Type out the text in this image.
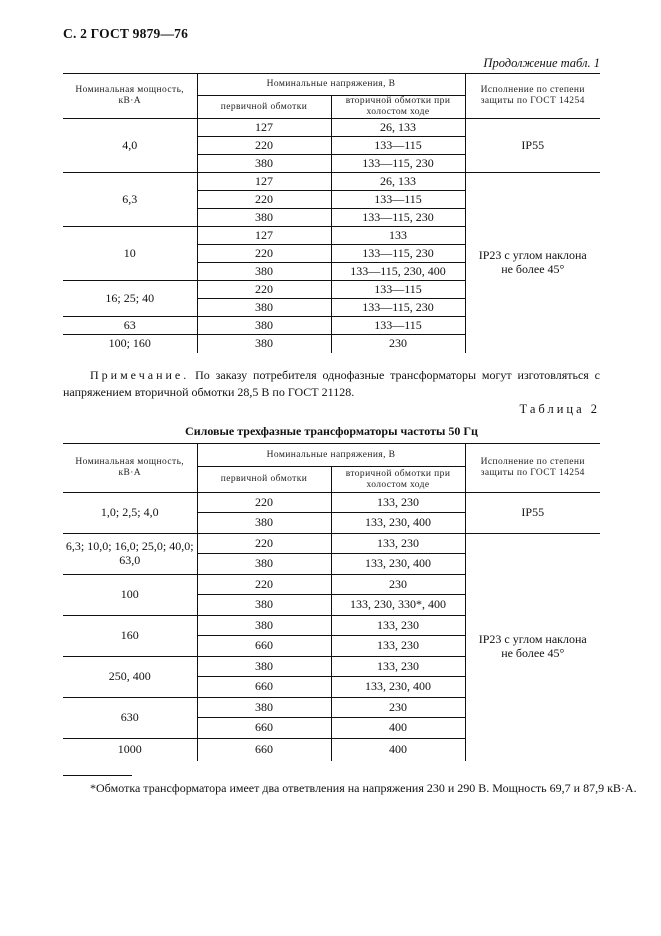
С. 2 ГОСТ 9879—76
Продолжение табл. 1
Номинальная мощность, кВ·А	Номинальные напряжения, В		Исполнение по степени защиты по ГОСТ 14254
	первичной обмотки	вторичной обмотки при холостом ходе	
4,0	127	26, 133	IP55
	220	133—115	
	380	133—115, 230	
6,3	127	26, 133	IP23 с углом наклона не более 45°
	220	133—115	
	380	133—115, 230	
10	127	133	
	220	133—115, 230	
	380	133—115, 230, 400	
16; 25; 40	220	133—115	
	380	133—115, 230	
63	380	133—115	
100; 160	380	230	
Примечание. По заказу потребителя однофазные трансформаторы могут изготовляться с напряжением вторичной обмотки 28,5 В по ГОСТ 21128.
Таблица 2
Силовые трехфазные трансформаторы частоты 50 Гц
Номинальная мощность, кВ·А	Номинальные напряжения, В		Исполнение по степени защиты по ГОСТ 14254
	первичной обмотки	вторичной обмотки при холостом ходе	
1,0; 2,5; 4,0	220	133, 230	IP55
	380	133, 230, 400	
6,3; 10,0; 16,0; 25,0; 40,0; 63,0	220	133, 230	IP23 с углом наклона не более 45°
	380	133, 230, 400	
100	220	230	
	380	133, 230, 330*, 400	
160	380	133, 230	
	660	133, 230	
250, 400	380	133, 230	
	660	133, 230, 400	
630	380	230	
	660	400	
1000	660	400	
*Обмотка трансформатора имеет два ответвления на напряжения 230 и 290 В. Мощность 69,7 и 87,9 кВ·А.
